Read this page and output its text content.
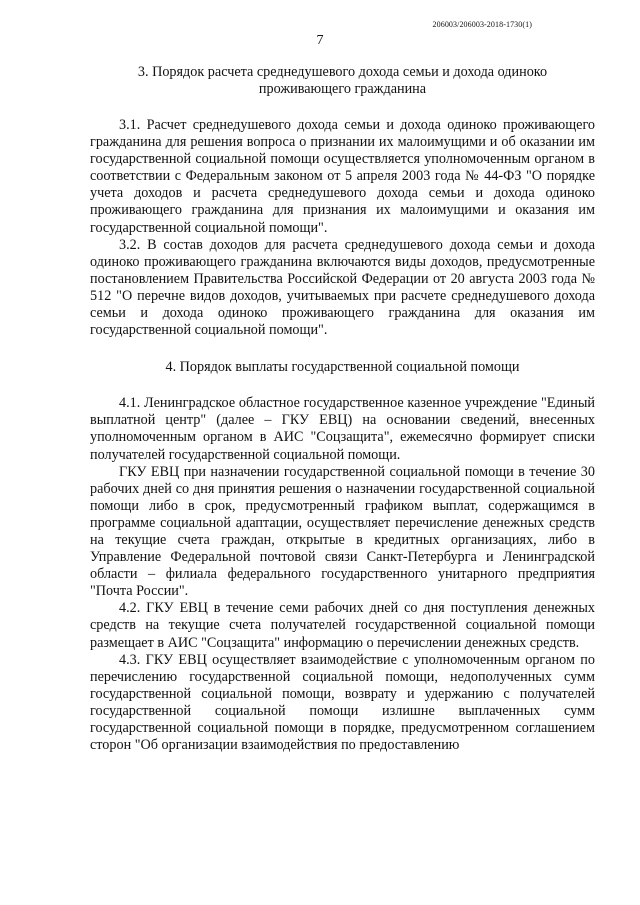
206003/206003-2018-1730(1)
7
3. Порядок расчета среднедушевого дохода семьи и дохода одиноко
проживающего гражданина

3.1. Расчет среднедушевого дохода семьи и дохода одиноко проживающего гражданина для решения вопроса о признании их малоимущими и об оказании им государственной социальной помощи осуществляется уполномоченным органом в соответствии с Федеральным законом от 5 апреля 2003 года № 44-ФЗ "О порядке учета доходов и расчета среднедушевого дохода семьи и дохода одиноко проживающего гражданина для признания их малоимущими и оказания им государственной социальной помощи".

3.2. В состав доходов для расчета среднедушевого дохода семьи и дохода одиноко проживающего гражданина включаются виды доходов, предусмотренные постановлением Правительства Российской Федерации от 20 августа 2003 года № 512 "О перечне видов доходов, учитываемых при расчете среднедушевого дохода семьи и дохода одиноко проживающего гражданина для оказания им государственной социальной помощи".

4. Порядок выплаты государственной социальной помощи

4.1. Ленинградское областное государственное казенное учреждение "Единый выплатной центр" (далее – ГКУ ЕВЦ) на основании сведений, внесенных уполномоченным органом в АИС "Соцзащита", ежемесячно формирует списки получателей государственной социальной помощи.

ГКУ ЕВЦ при назначении государственной социальной помощи в течение 30 рабочих дней со дня принятия решения о назначении государственной социальной помощи либо в срок, предусмотренный графиком выплат, содержащимся в программе социальной адаптации, осуществляет перечисление денежных средств на текущие счета граждан, открытые в кредитных организациях, либо в Управление Федеральной почтовой связи Санкт-Петербурга и Ленинградской области – филиала федерального государственного унитарного предприятия "Почта России".

4.2. ГКУ ЕВЦ в течение семи рабочих дней со дня поступления денежных средств на текущие счета получателей государственной социальной помощи размещает в АИС "Соцзащита" информацию о перечислении денежных средств.

4.3. ГКУ ЕВЦ осуществляет взаимодействие с уполномоченным органом по перечислению государственной социальной помощи, недополученных сумм государственной социальной помощи, возврату и удержанию с получателей государственной социальной помощи излишне выплаченных сумм государственной социальной помощи в порядке, предусмотренном соглашением сторон "Об организации взаимодействия по предоставлению
